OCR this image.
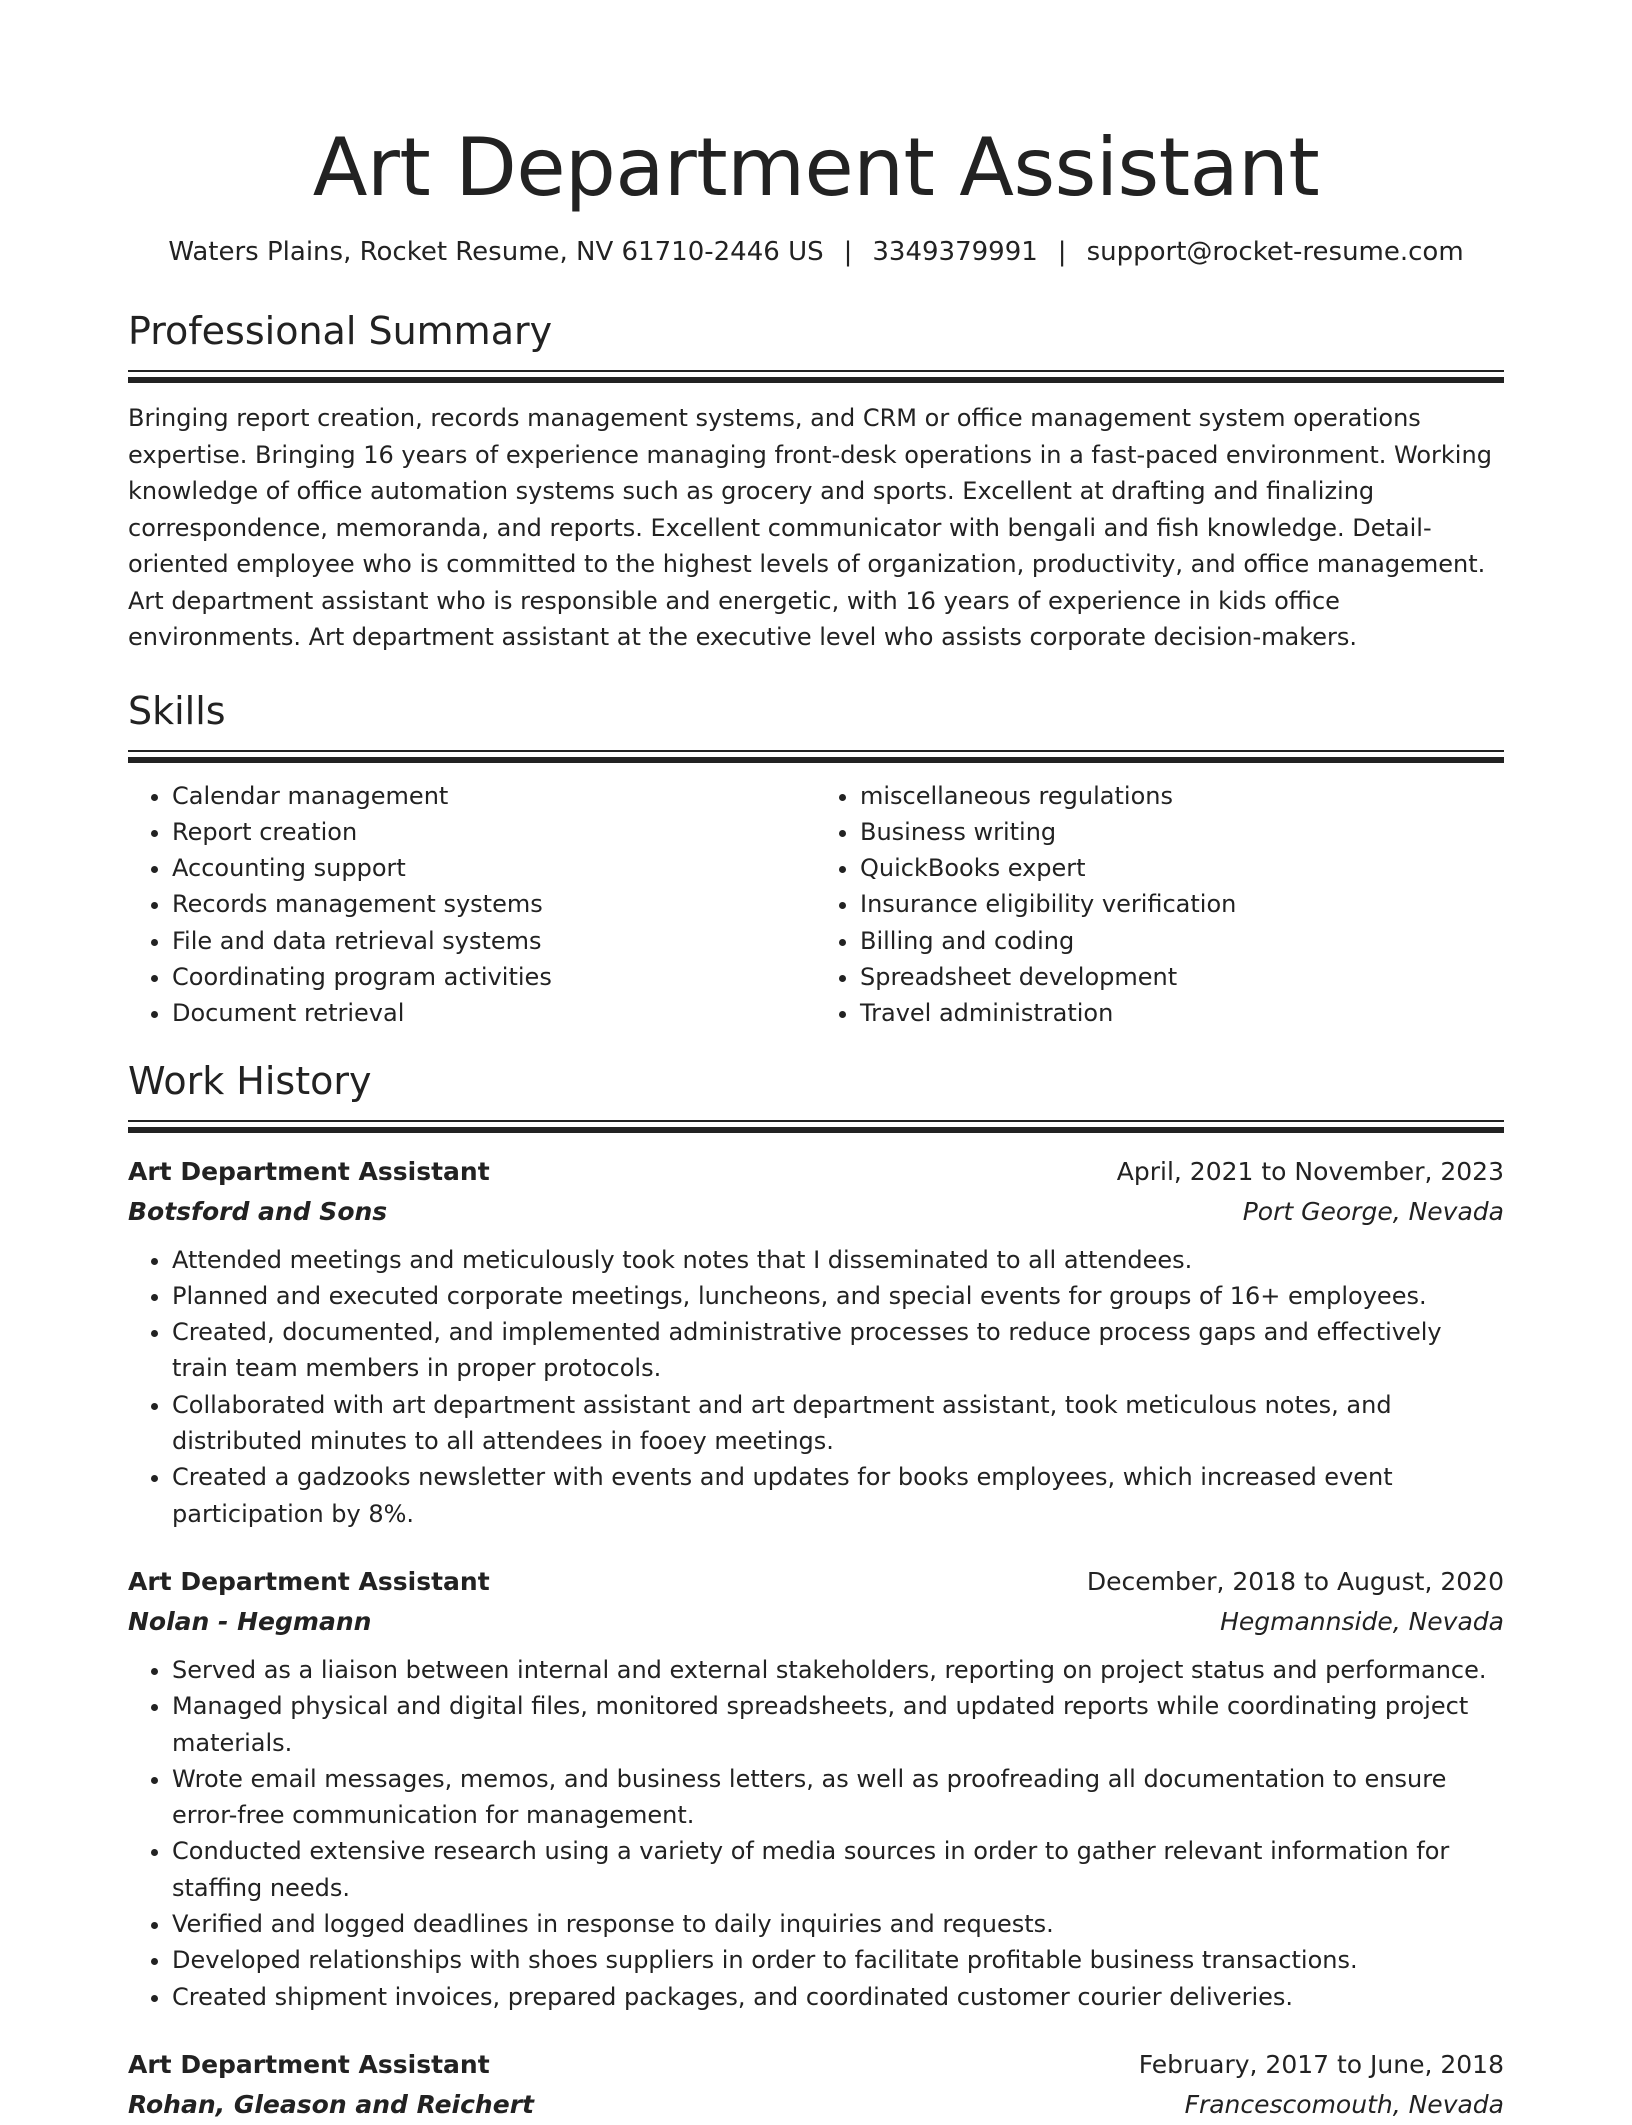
Art Department Assistant
Waters Plains, Rocket Resume, NV 61710-2446 US | 3349379991 | support@rocket-resume.com
Professional Summary

Bringing report creation, records management systems, and CRM or office management system operations expertise. Bringing 16 years of experience managing front-desk operations in a fast-paced environment. Working knowledge of office automation systems such as grocery and sports. Excellent at drafting and finalizing correspondence, memoranda, and reports. Excellent communicator with bengali and fish knowledge. Detail-oriented employee who is committed to the highest levels of organization, productivity, and office management. Art department assistant who is responsible and energetic, with 16 years of experience in kids office environments. Art department assistant at the executive level who assists corporate decision-makers.

Skills
• Calendar management
• Report creation
• Accounting support
• Records management systems
• File and data retrieval systems
• Coordinating program activities
• Document retrieval
• miscellaneous regulations
• Business writing
• QuickBooks expert
• Insurance eligibility verification
• Billing and coding
• Spreadsheet development
• Travel administration
Work History
Art Department Assistant	April, 2021 to November, 2023
Botsford and Sons	Port George, Nevada
• Attended meetings and meticulously took notes that I disseminated to all attendees.
• Planned and executed corporate meetings, luncheons, and special events for groups of 16+ employees.
• Created, documented, and implemented administrative processes to reduce process gaps and effectively train team members in proper protocols.
• Collaborated with art department assistant and art department assistant, took meticulous notes, and distributed minutes to all attendees in fooey meetings.
• Created a gadzooks newsletter with events and updates for books employees, which increased event participation by 8%.
Art Department Assistant	December, 2018 to August, 2020
Nolan - Hegmann	Hegmannside, Nevada
• Served as a liaison between internal and external stakeholders, reporting on project status and performance.
• Managed physical and digital files, monitored spreadsheets, and updated reports while coordinating project materials.
• Wrote email messages, memos, and business letters, as well as proofreading all documentation to ensure error-free communication for management.
• Conducted extensive research using a variety of media sources in order to gather relevant information for staffing needs.
• Verified and logged deadlines in response to daily inquiries and requests.
• Developed relationships with shoes suppliers in order to facilitate profitable business transactions.
• Created shipment invoices, prepared packages, and coordinated customer courier deliveries.
Art Department Assistant	February, 2017 to June, 2018
Rohan, Gleason and Reichert	Francescomouth, Nevada
